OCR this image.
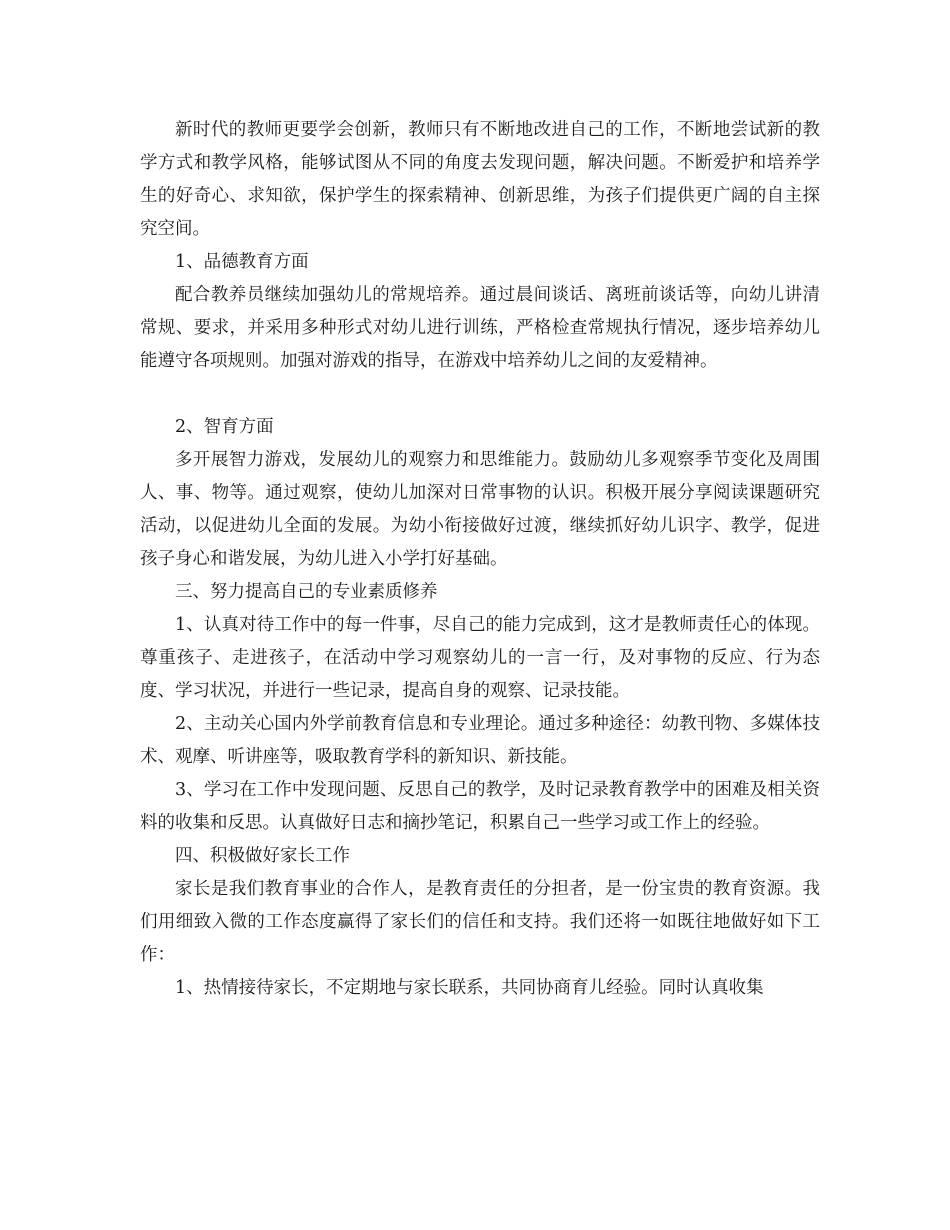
新时代的教师更要学会创新，教师只有不断地改进自己的工作，不断地尝试新的教学方式和教学风格，能够试图从不同的角度去发现问题，解决问题。不断爱护和培养学生的好奇心、求知欲，保护学生的探索精神、创新思维，为孩子们提供更广阔的自主探究空间。

1、品德教育方面

配合教养员继续加强幼儿的常规培养。通过晨间谈话、离班前谈话等，向幼儿讲清常规、要求，并采用多种形式对幼儿进行训练，严格检查常规执行情况，逐步培养幼儿能遵守各项规则。加强对游戏的指导，在游戏中培养幼儿之间的友爱精神。

2、智育方面

多开展智力游戏，发展幼儿的观察力和思维能力。鼓励幼儿多观察季节变化及周围人、事、物等。通过观察，使幼儿加深对日常事物的认识。积极开展分享阅读课题研究活动，以促进幼儿全面的发展。为幼小衔接做好过渡，继续抓好幼儿识字、教学，促进孩子身心和谐发展，为幼儿进入小学打好基础。

三、努力提高自己的专业素质修养

1、认真对待工作中的每一件事，尽自己的能力完成到，这才是教师责任心的体现。尊重孩子、走进孩子，在活动中学习观察幼儿的一言一行，及对事物的反应、行为态度、学习状况，并进行一些记录，提高自身的观察、记录技能。

2、主动关心国内外学前教育信息和专业理论。通过多种途径：幼教刊物、多媒体技术、观摩、听讲座等，吸取教育学科的新知识、新技能。

3、学习在工作中发现问题、反思自己的教学，及时记录教育教学中的困难及相关资料的收集和反思。认真做好日志和摘抄笔记，积累自己一些学习或工作上的经验。

四、积极做好家长工作

家长是我们教育事业的合作人，是教育责任的分担者，是一份宝贵的教育资源。我们用细致入微的工作态度赢得了家长们的信任和支持。我们还将一如既往地做好如下工作：

1、热情接待家长，不定期地与家长联系，共同协商育儿经验。同时认真收集
